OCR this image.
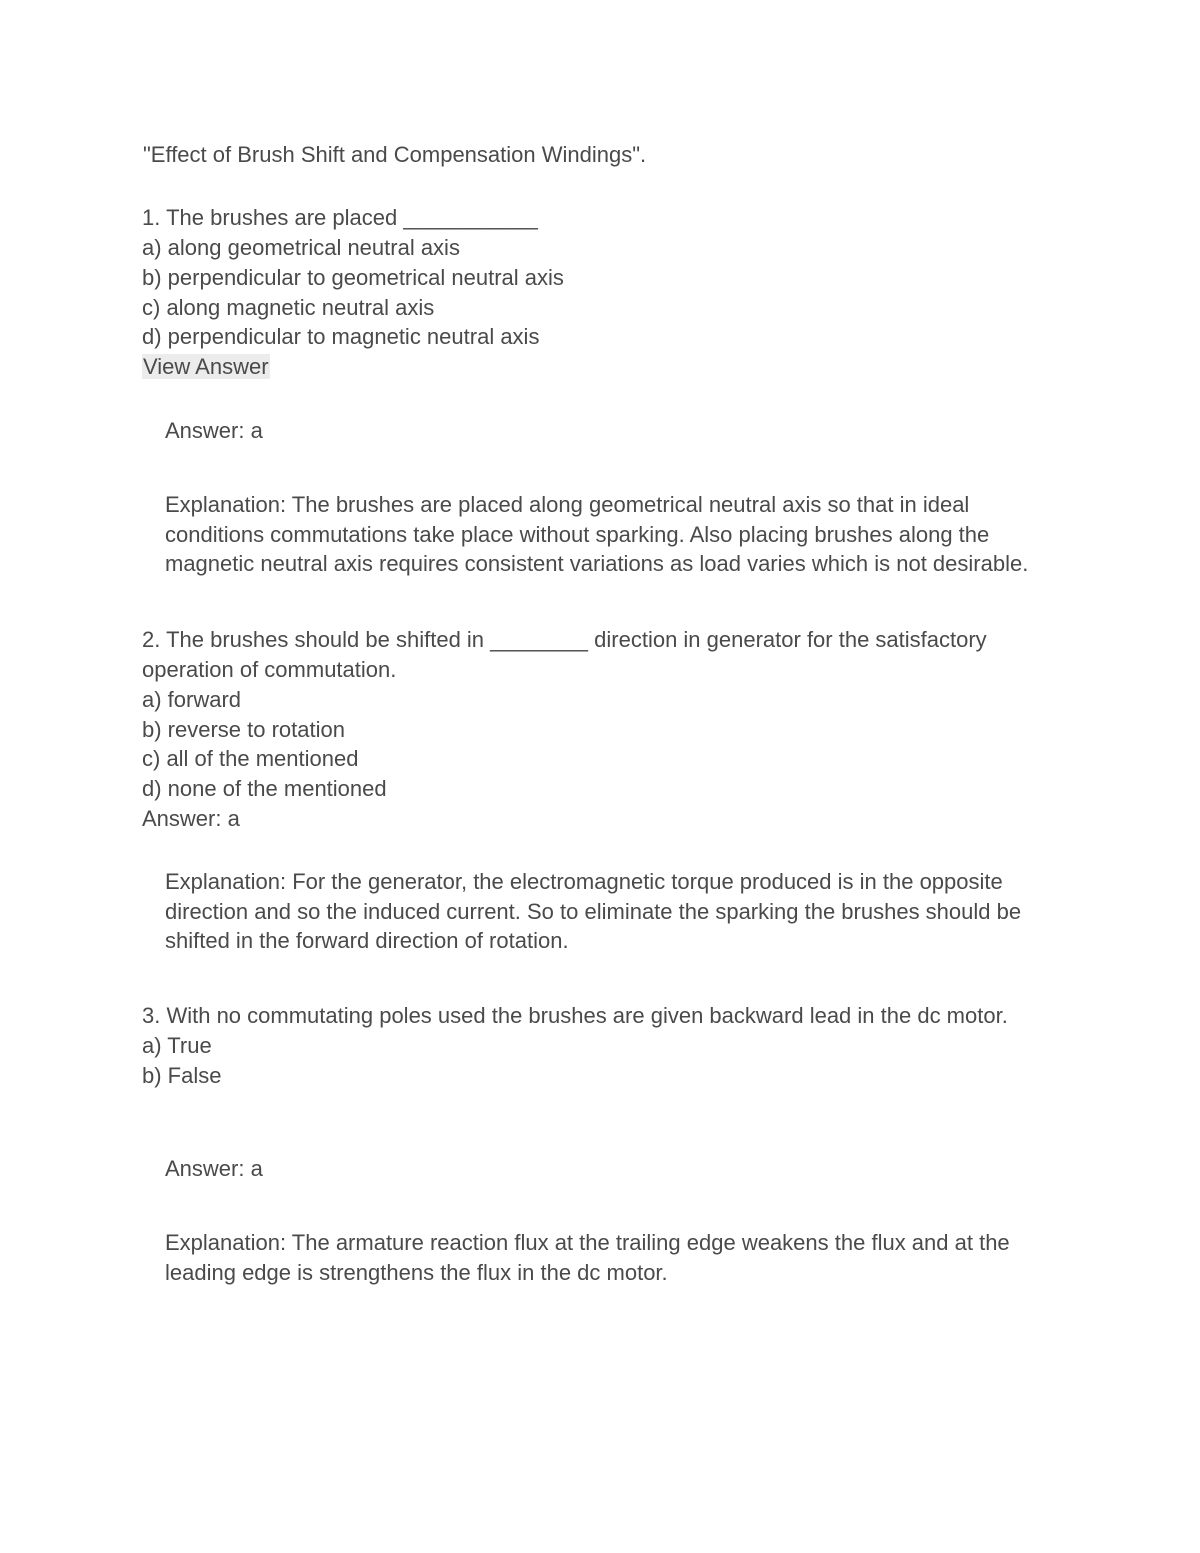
"Effect of Brush Shift and Compensation Windings".
1. The brushes are placed ___________
a) along geometrical neutral axis
b) perpendicular to geometrical neutral axis
c) along magnetic neutral axis
d) perpendicular to magnetic neutral axis
View Answer
Answer: a
Explanation: The brushes are placed along geometrical neutral axis so that in ideal
conditions commutations take place without sparking. Also placing brushes along the
magnetic neutral axis requires consistent variations as load varies which is not desirable.
2. The brushes should be shifted in ________ direction in generator for the satisfactory
operation of commutation.
a) forward
b) reverse to rotation
c) all of the mentioned
d) none of the mentioned
Answer: a
Explanation: For the generator, the electromagnetic torque produced is in the opposite
direction and so the induced current. So to eliminate the sparking the brushes should be
shifted in the forward direction of rotation.
3. With no commutating poles used the brushes are given backward lead in the dc motor.
a) True
b) False
Answer: a
Explanation: The armature reaction flux at the trailing edge weakens the flux and at the
leading edge is strengthens the flux in the dc motor.
